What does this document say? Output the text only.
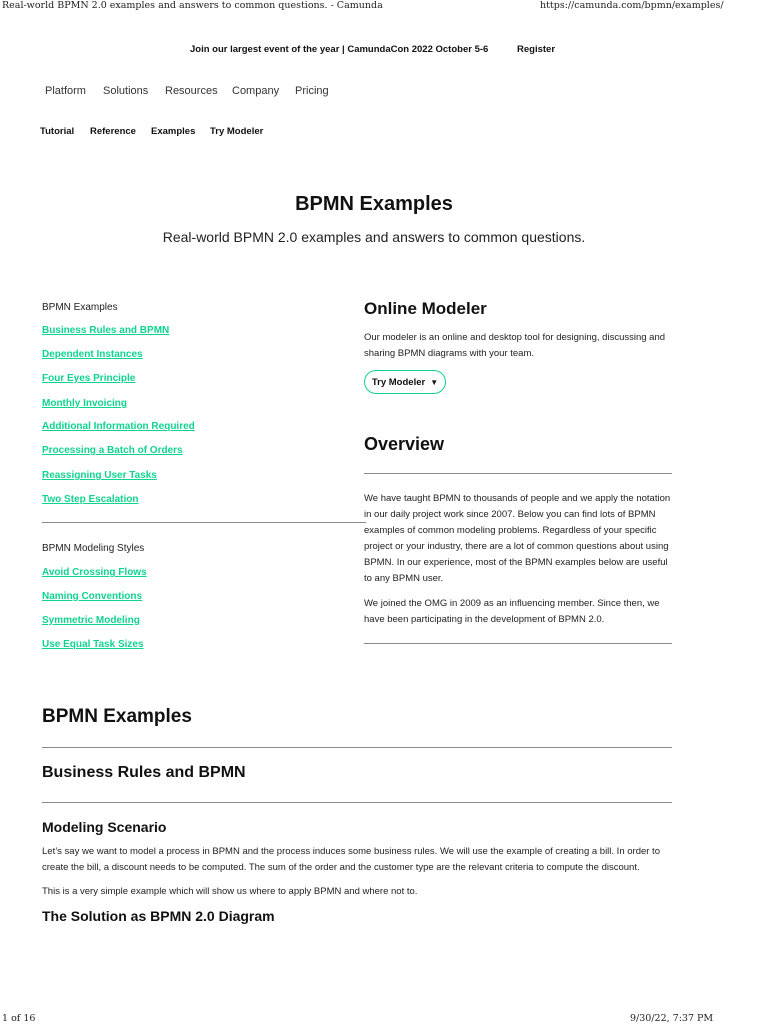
Real-world BPMN 2.0 examples and answers to common questions. - Camunda	https://camunda.com/bpmn/examples/
Join our largest event of the year | CamundaCon 2022 October 5-6	Register
Platform Solutions Resources Company Pricing
Tutorial Reference Examples Try Modeler
BPMN Examples
Real-world BPMN 2.0 examples and answers to common questions.
BPMN Examples
Business Rules and BPMN
Dependent Instances
Four Eyes Principle
Monthly Invoicing
Additional Information Required
Processing a Batch of Orders
Reassigning User Tasks
Two Step Escalation
BPMN Modeling Styles
Avoid Crossing Flows
Naming Conventions
Symmetric Modeling
Use Equal Task Sizes
Online Modeler
Our modeler is an online and desktop tool for designing, discussing and sharing BPMN diagrams with your team.
Try Modeler ▼
Overview
We have taught BPMN to thousands of people and we apply the notation in our daily project work since 2007. Below you can find lots of BPMN examples of common modeling problems. Regardless of your specific project or your industry, there are a lot of common questions about using BPMN. In our experience, most of the BPMN examples below are useful to any BPMN user.
We joined the OMG in 2009 as an influencing member. Since then, we have been participating in the development of BPMN 2.0.
BPMN Examples
Business Rules and BPMN
Modeling Scenario
Let’s say we want to model a process in BPMN and the process induces some business rules. We will use the example of creating a bill. In order to
create the bill, a discount needs to be computed. The sum of the order and the customer type are the relevant criteria to compute the discount.
This is a very simple example which will show us where to apply BPMN and where not to.
The Solution as BPMN 2.0 Diagram
1 of 16	9/30/22, 7:37 PM
